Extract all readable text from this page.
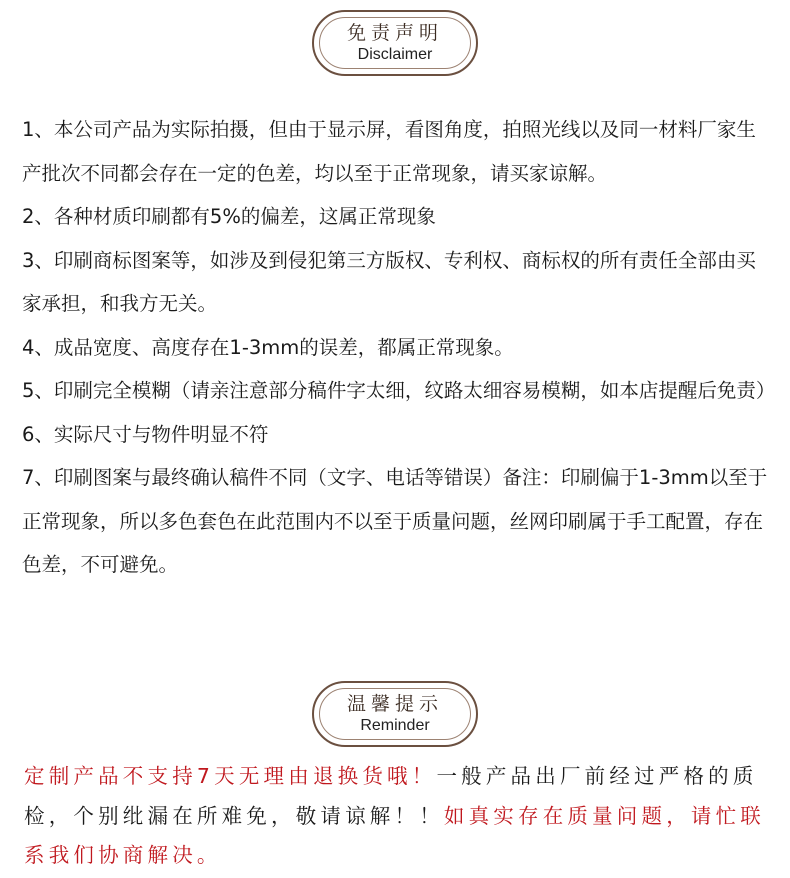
免责声明
Disclaimer

1、本公司产品为实际拍摄，但由于显示屏，看图角度，拍照光线以及同一材料厂家生产批次不同都会存在一定的色差，均以至于正常现象，请买家谅解。

2、各种材质印刷都有5%的偏差，这属正常现象

3、印刷商标图案等，如涉及到侵犯第三方版权、专利权、商标权的所有责任全部由买家承担，和我方无关。

4、成品宽度、高度存在1-3mm的误差，都属正常现象。

5、印刷完全模糊（请亲注意部分稿件字太细，纹路太细容易模糊，如本店提醒后免责）

6、实际尺寸与物件明显不符

7、印刷图案与最终确认稿件不同（文字、电话等错误）备注：印刷偏于1-3mm以至于正常现象，所以多色套色在此范围内不以至于质量问题，丝网印刷属于手工配置，存在色差，不可避免。

温馨提示
Reminder

定制产品不支持7天无理由退换货哦！一般产品出厂前经过严格的质检，个别纰漏在所难免，敬请谅解！！如真实存在质量问题，请忙联系我们协商解决。
